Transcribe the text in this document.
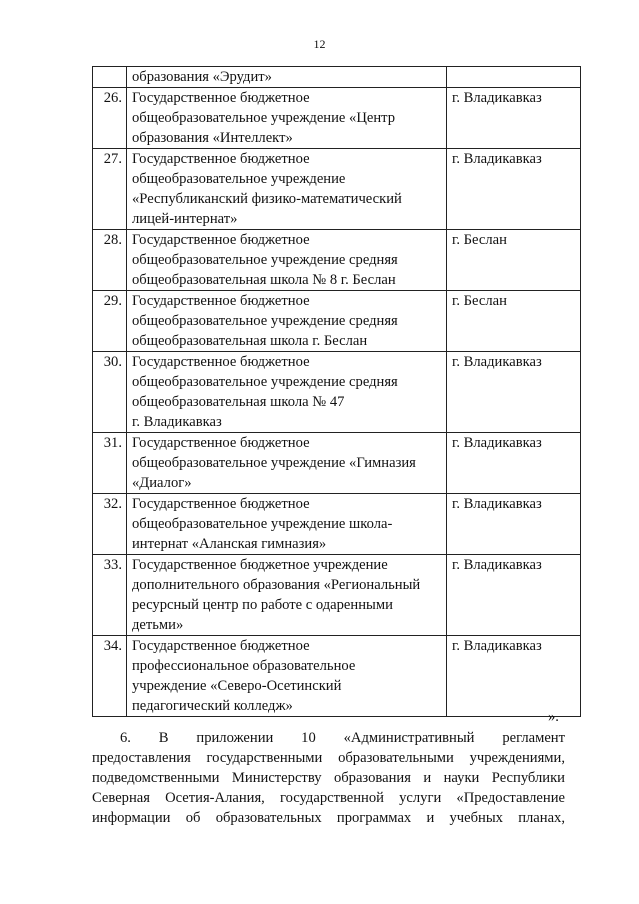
12

	образования «Эрудит»	

26.	Государственное бюджетное
общеобразовательное учреждение «Центр
образования «Интеллект»	г. Владикавказ
27.	Государственное бюджетное
общеобразовательное учреждение
«Республиканский физико-математический
лицей-интернат»	г. Владикавказ
28.	Государственное бюджетное
общеобразовательное учреждение средняя
общеобразовательная школа № 8 г. Беслан	г. Беслан
29.	Государственное бюджетное
общеобразовательное учреждение средняя
общеобразовательная школа г. Беслан	г. Беслан
30.	Государственное бюджетное
общеобразовательное учреждение средняя
общеобразовательная школа № 47
г. Владикавказ	г. Владикавказ
31.	Государственное бюджетное
общеобразовательное учреждение «Гимназия
«Диалог»	г. Владикавказ
32.	Государственное бюджетное
общеобразовательное учреждение школа-
интернат «Аланская гимназия»	г. Владикавказ
33.	Государственное бюджетное учреждение
дополнительного образования «Региональный
ресурсный центр по работе с одаренными
детьми»	г. Владикавказ
34.	Государственное бюджетное
профессиональное образовательное
учреждение «Северо-Осетинский
педагогический колледж»	г. Владикавказ
».
6. В приложении 10 «Административный регламент
предоставления государственными образовательными учреждениями,
подведомственными Министерству образования и науки Республики
Северная Осетия-Алания, государственной услуги «Предоставление
информации об образовательных программах и учебных планах,
